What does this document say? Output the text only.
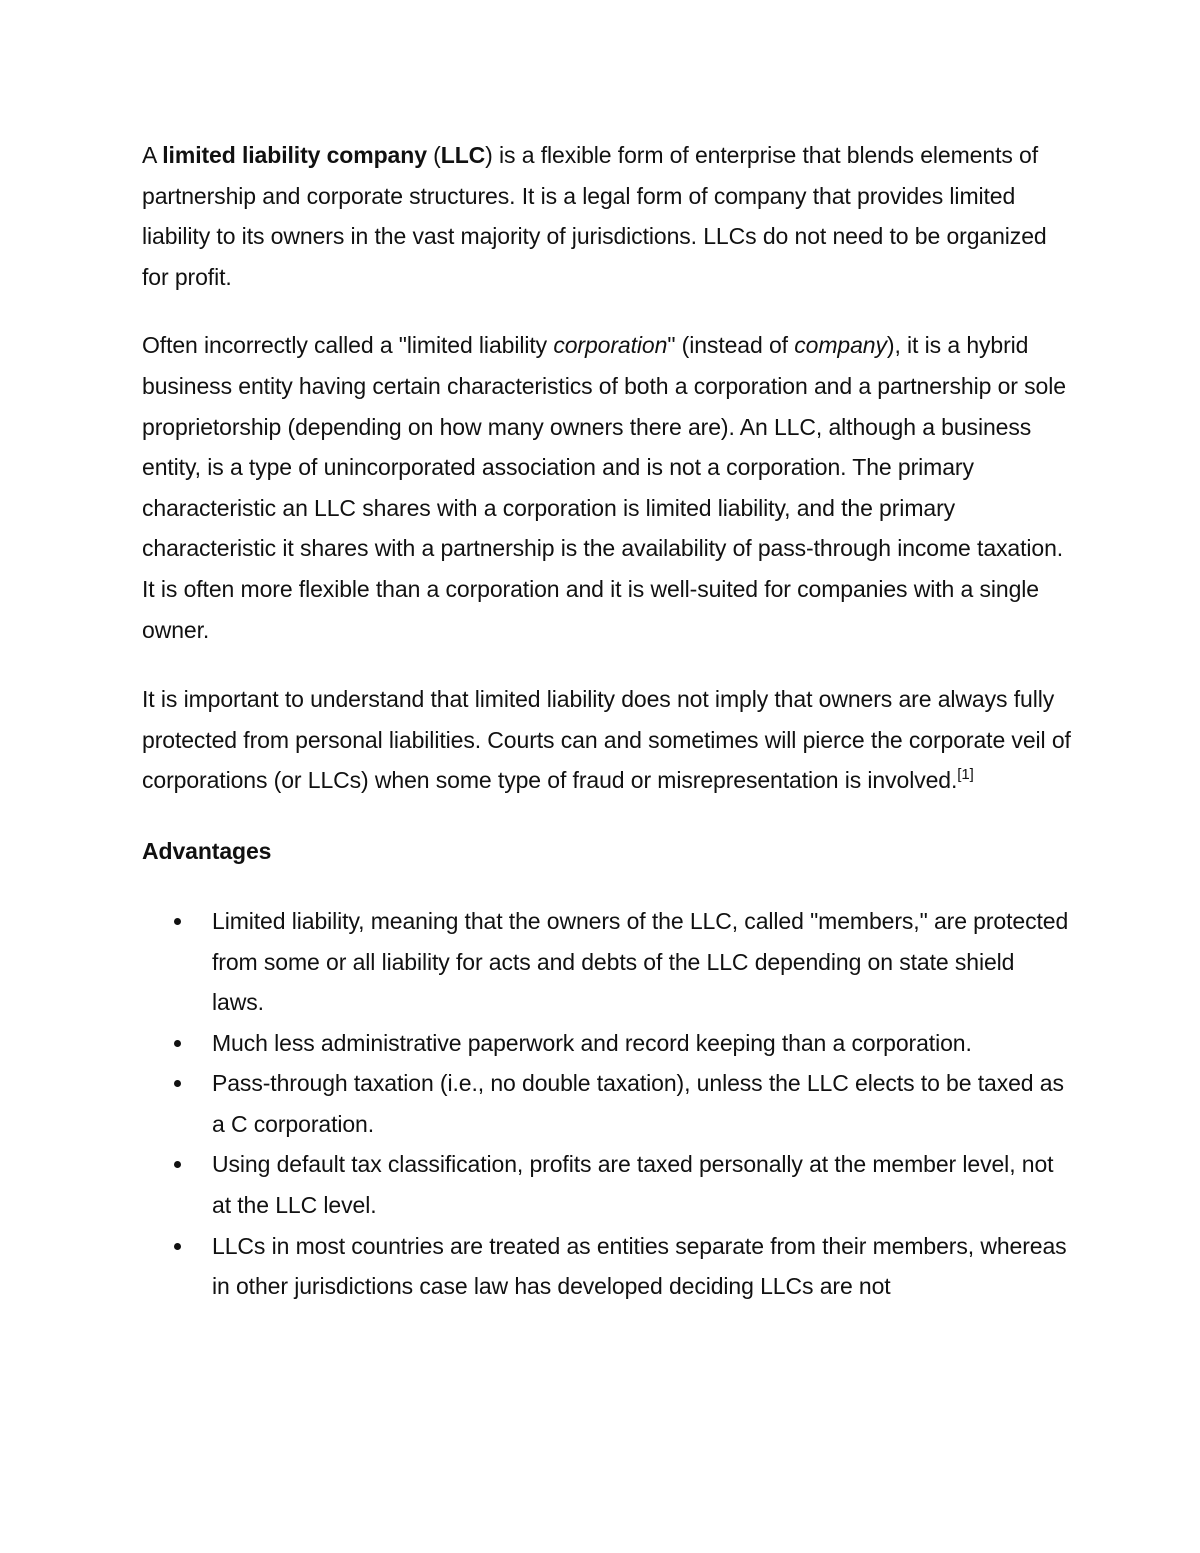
A limited liability company (LLC) is a flexible form of enterprise that blends elements of partnership and corporate structures. It is a legal form of company that provides limited liability to its owners in the vast majority of jurisdictions. LLCs do not need to be organized for profit.

Often incorrectly called a "limited liability corporation" (instead of company), it is a hybrid business entity having certain characteristics of both a corporation and a partnership or sole proprietorship (depending on how many owners there are). An LLC, although a business entity, is a type of unincorporated association and is not a corporation. The primary characteristic an LLC shares with a corporation is limited liability, and the primary characteristic it shares with a partnership is the availability of pass-through income taxation. It is often more flexible than a corporation and it is well-suited for companies with a single owner.

It is important to understand that limited liability does not imply that owners are always fully protected from personal liabilities. Courts can and sometimes will pierce the corporate veil of corporations (or LLCs) when some type of fraud or misrepresentation is involved.[1]

Advantages
Limited liability, meaning that the owners of the LLC, called "members," are protected from some or all liability for acts and debts of the LLC depending on state shield laws.
Much less administrative paperwork and record keeping than a corporation.
Pass-through taxation (i.e., no double taxation), unless the LLC elects to be taxed as a C corporation.
Using default tax classification, profits are taxed personally at the member level, not at the LLC level.
LLCs in most countries are treated as entities separate from their members, whereas in other jurisdictions case law has developed deciding LLCs are not
